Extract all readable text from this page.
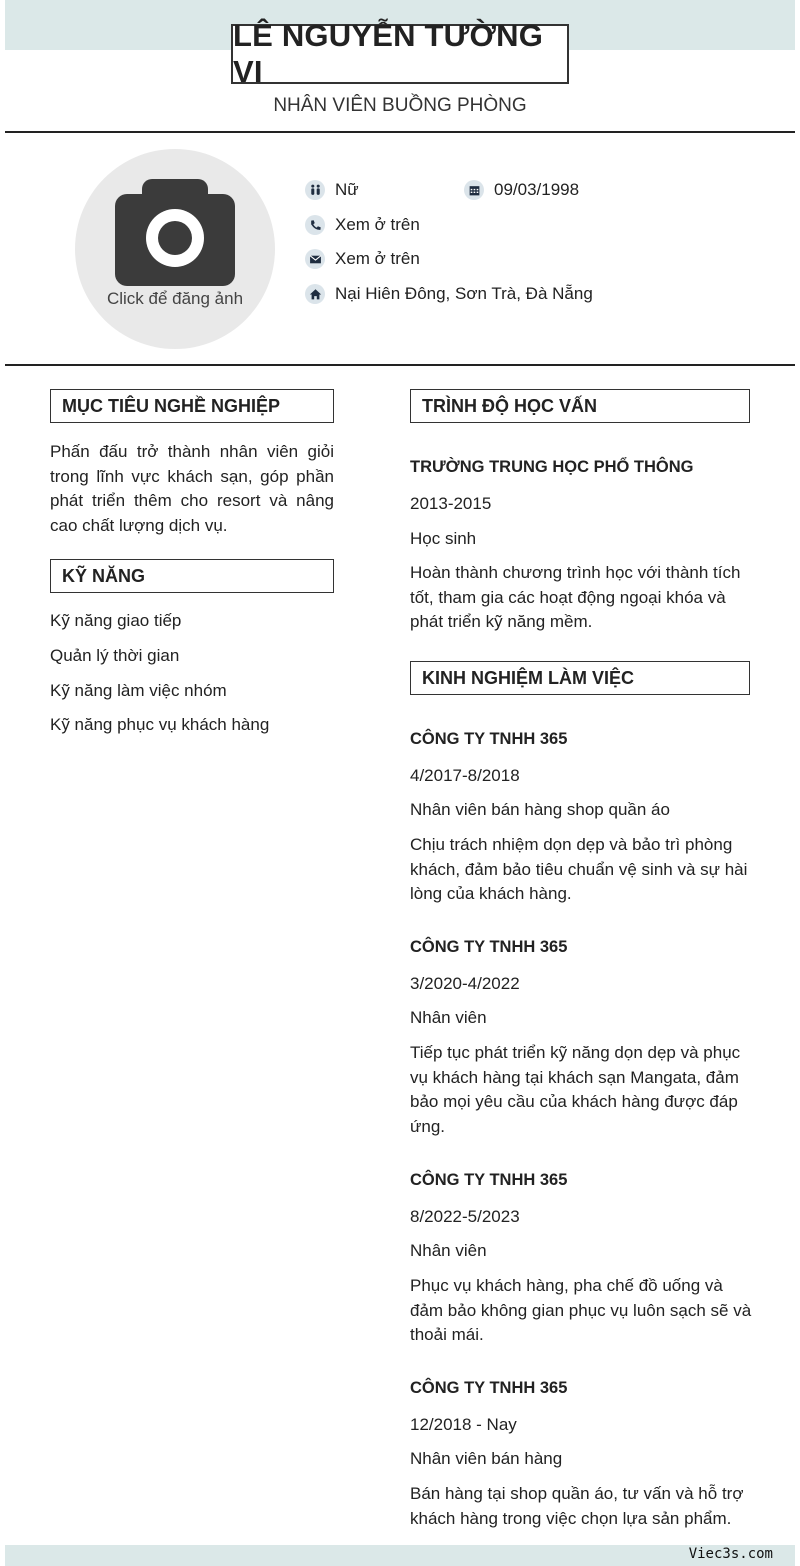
LÊ NGUYỄN TƯỜNG VI
NHÂN VIÊN BUỒNG PHÒNG
Click để đăng ảnh
Nữ	09/03/1998
Xem ở trên
Xem ở trên
Nại Hiên Đông, Sơn Trà, Đà Nẵng
MỤC TIÊU NGHỀ NGHIỆP
Phấn đấu trở thành nhân viên giỏi trong lĩnh vực khách sạn, góp phần phát triển thêm cho resort và nâng cao chất lượng dịch vụ.
KỸ NĂNG
Kỹ năng giao tiếp
Quản lý thời gian
Kỹ năng làm việc nhóm
Kỹ năng phục vụ khách hàng
TRÌNH ĐỘ HỌC VẤN
TRƯỜNG TRUNG HỌC PHỔ THÔNG
2013-2015
Học sinh
Hoàn thành chương trình học với thành tích tốt, tham gia các hoạt động ngoại khóa và phát triển kỹ năng mềm.
KINH NGHIỆM LÀM VIỆC
CÔNG TY TNHH 365
4/2017-8/2018
Nhân viên bán hàng shop quần áo
Chịu trách nhiệm dọn dẹp và bảo trì phòng khách, đảm bảo tiêu chuẩn vệ sinh và sự hài lòng của khách hàng.
CÔNG TY TNHH 365
3/2020-4/2022
Nhân viên
Tiếp tục phát triển kỹ năng dọn dẹp và phục vụ khách hàng tại khách sạn Mangata, đảm bảo mọi yêu cầu của khách hàng được đáp ứng.
CÔNG TY TNHH 365
8/2022-5/2023
Nhân viên
Phục vụ khách hàng, pha chế đồ uống và đảm bảo không gian phục vụ luôn sạch sẽ và thoải mái.
CÔNG TY TNHH 365
12/2018 - Nay
Nhân viên bán hàng
Bán hàng tại shop quần áo, tư vấn và hỗ trợ khách hàng trong việc chọn lựa sản phẩm.
Viec3s.com
